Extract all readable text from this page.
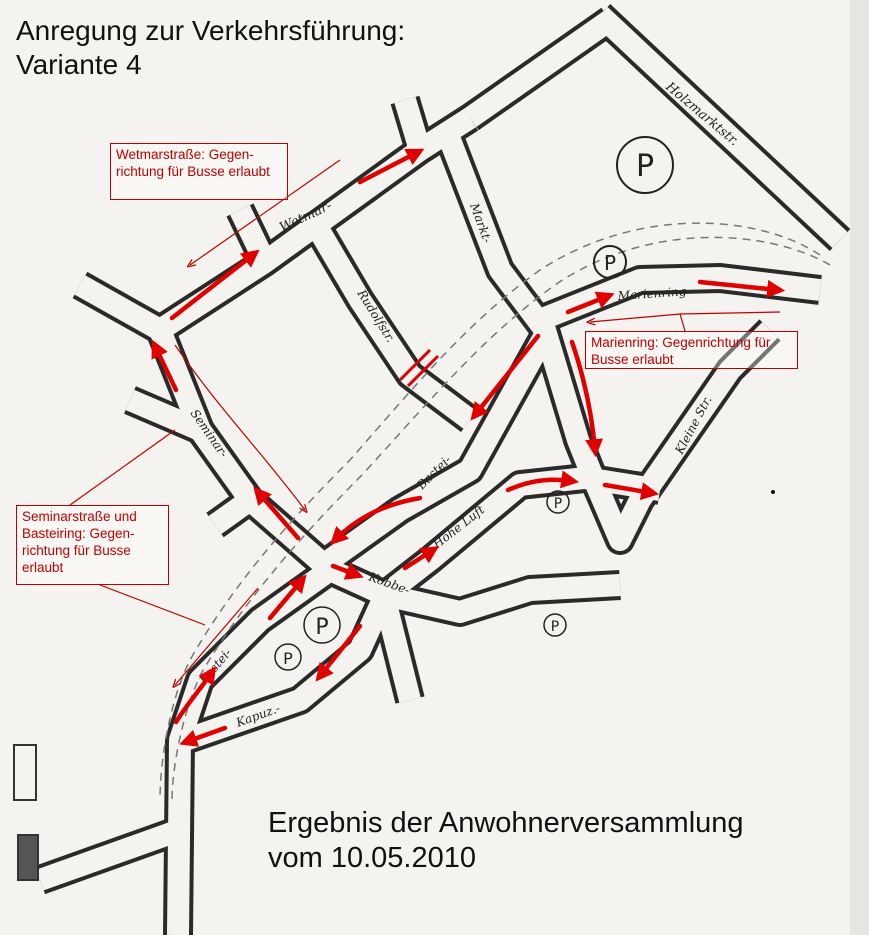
P
P
P
P
P
P
Wetmar-
Holzmarktstr.
Markt-
Rudolfstr.	Marienring
Seminar-
Bastei-
Hohe Luft
Kobbe-
Bastei-
Kapuz.-
Kleine Str.
Anregung zur Verkehrsführung:
Variante 4
Wetmarstraße: Gegen-richtung für Busse erlaubt
Marienring: Gegenrichtung für Busse erlaubt
Seminarstraße und Basteiring: Gegen-richtung für Busse erlaubt
Ergebnis der Anwohnerversammlung
vom 10.05.2010
